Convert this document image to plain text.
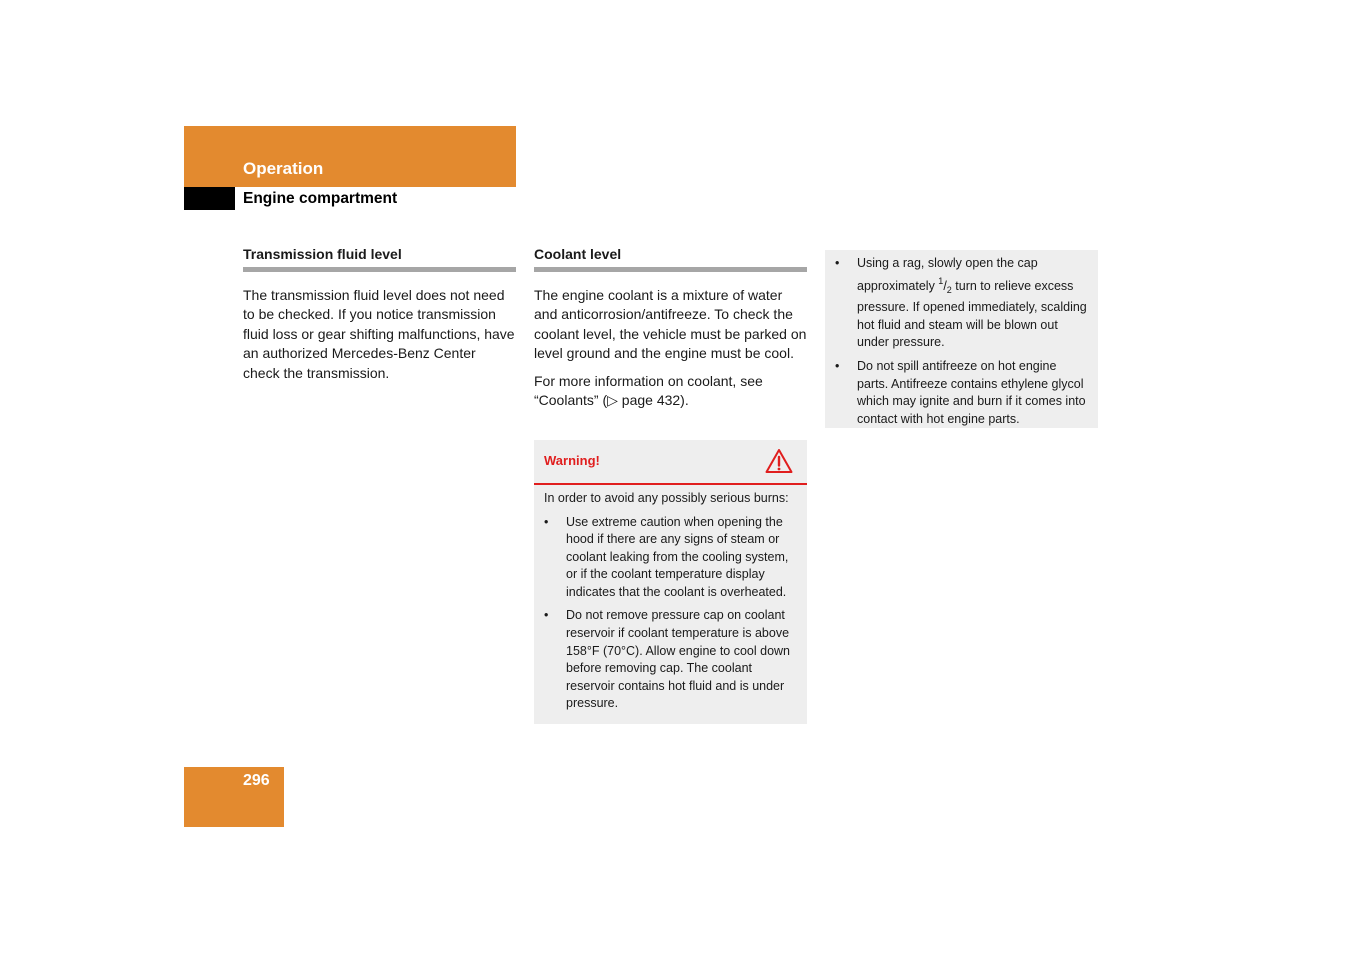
Operation
Engine compartment
Transmission fluid level

The transmission fluid level does not need to be checked. If you notice transmission fluid loss or gear shifting malfunctions, have an authorized Mercedes-Benz Center check the transmission.

Coolant level

The engine coolant is a mixture of water and anticorrosion/antifreeze. To check the coolant level, the vehicle must be parked on level ground and the engine must be cool.

For more information on coolant, see “Coolants” (▷ page 432).

Warning!

In order to avoid any possibly serious burns:

• Use extreme caution when opening the hood if there are any signs of steam or coolant leaking from the cooling system, or if the coolant temperature display indicates that the coolant is overheated.
• Do not remove pressure cap on coolant reservoir if coolant temperature is above 158°F (70°C). Allow engine to cool down before removing cap. The coolant reservoir contains hot fluid and is under pressure.
• Using a rag, slowly open the cap approximately $^1/_2$ turn to relieve excess pressure. If opened immediately, scalding hot fluid and steam will be blown out under pressure.
• Do not spill antifreeze on hot engine parts. Antifreeze contains ethylene glycol which may ignite and burn if it comes into contact with hot engine parts.

296
